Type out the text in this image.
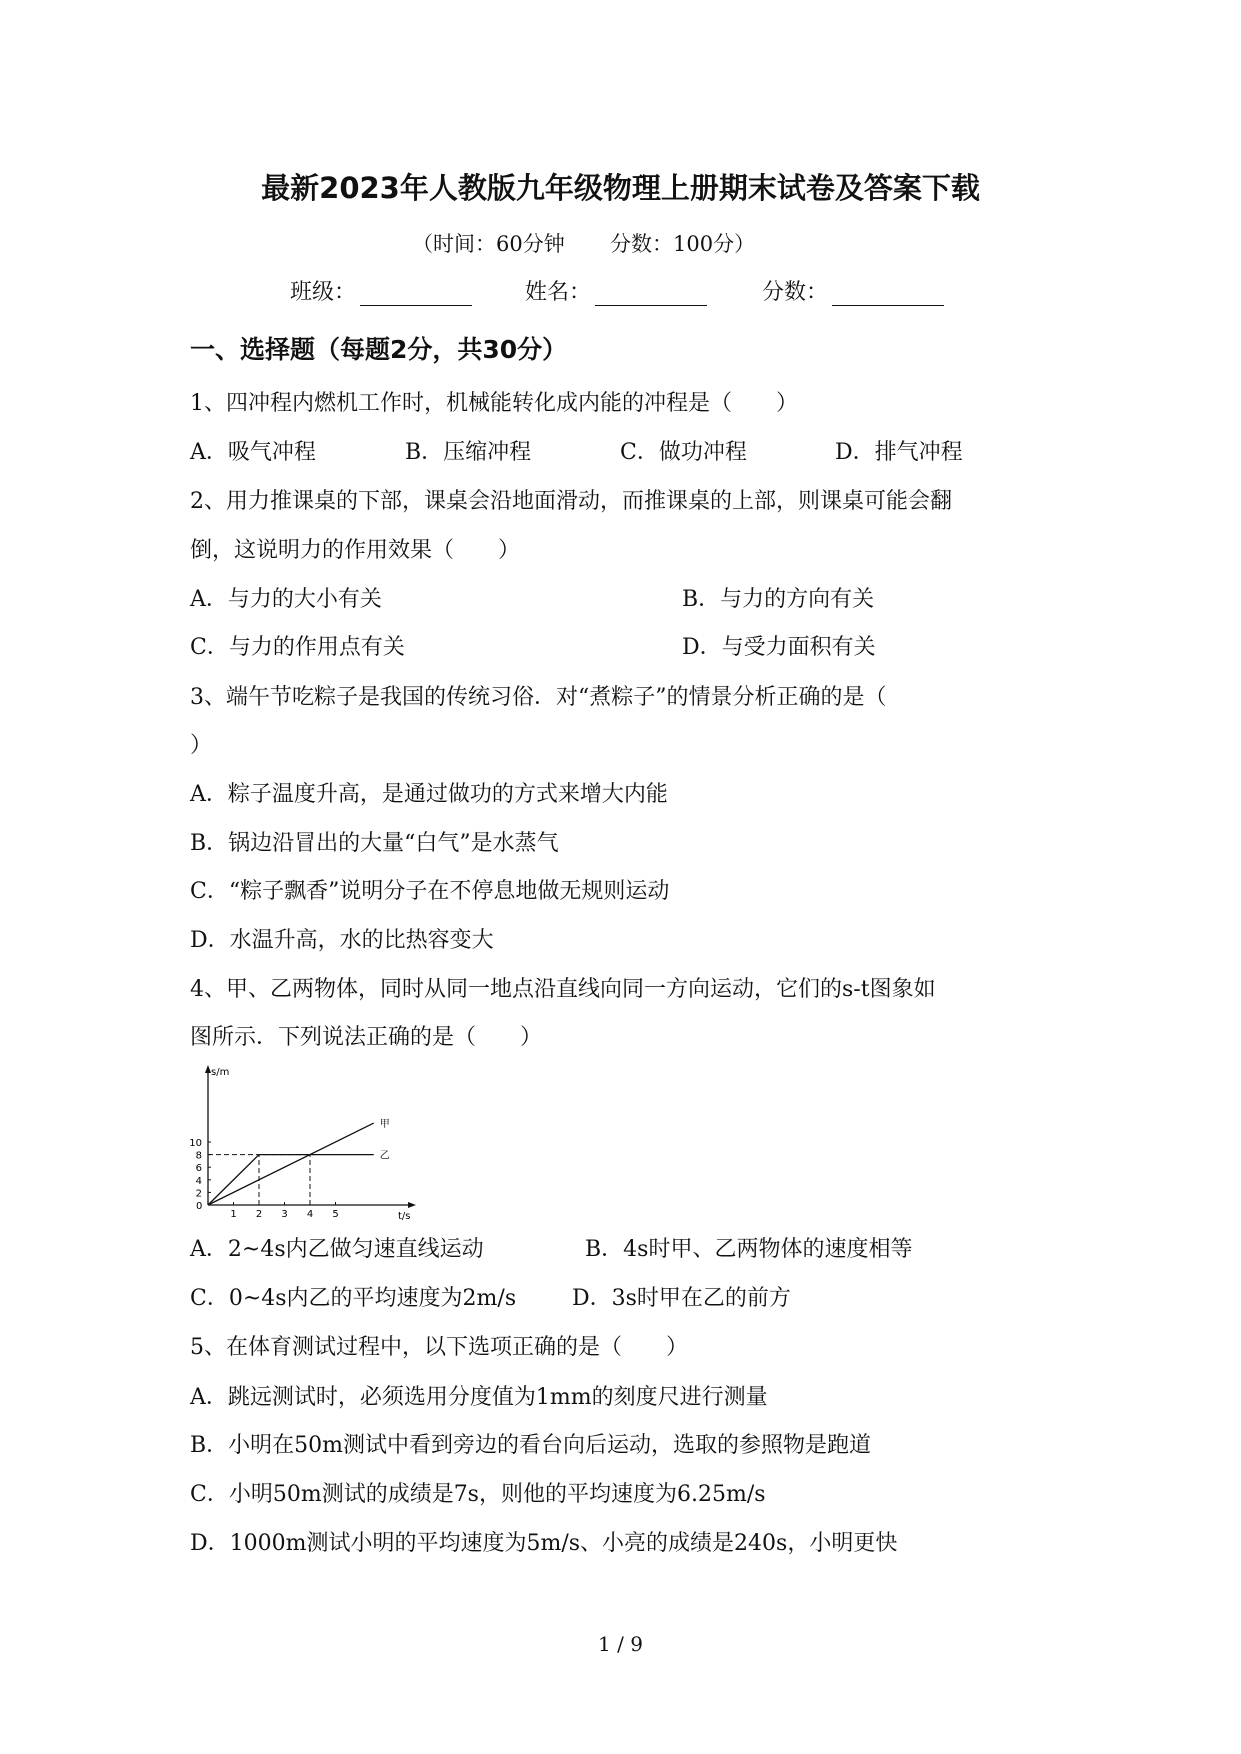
最新2023年人教版九年级物理上册期末试卷及答案下载
（时间：60分钟 分数：100分）
班级：	姓名：	分数：
一、选择题（每题2分，共30分）
1、四冲程内燃机工作时，机械能转化成内能的冲程是（　　）
A．吸气冲程	B．压缩冲程	C．做功冲程	D．排气冲程
2、用力推课桌的下部，课桌会沿地面滑动，而推课桌的上部，则课桌可能会翻
倒，这说明力的作用效果（　　）
A．与力的大小有关	B．与力的方向有关
C．与力的作用点有关	D．与受力面积有关
3、端午节吃粽子是我国的传统习俗．对“煮粽子”的情景分析正确的是（
）
A．粽子温度升高，是通过做功的方式来增大内能
B．锅边沿冒出的大量“白气”是水蒸气
C．“粽子飘香”说明分子在不停息地做无规则运动
D．水温升高，水的比热容变大
4、甲、乙两物体，同时从同一地点沿直线向同一方向运动，它们的s-t图象如
图所示．下列说法正确的是（　　）
s/m
t/s
0
1 2 3 4 5
2
4
6
8
10
甲
乙
A．2~4s内乙做匀速直线运动	B．4s时甲、乙两物体的速度相等
C．0~4s内乙的平均速度为2m/s	D．3s时甲在乙的前方
5、在体育测试过程中，以下选项正确的是（　　）
A．跳远测试时，必须选用分度值为1mm的刻度尺进行测量
B．小明在50m测试中看到旁边的看台向后运动，选取的参照物是跑道
C．小明50m测试的成绩是7s，则他的平均速度为6.25m/s
D．1000m测试小明的平均速度为5m/s、小亮的成绩是240s，小明更快
1 / 9
